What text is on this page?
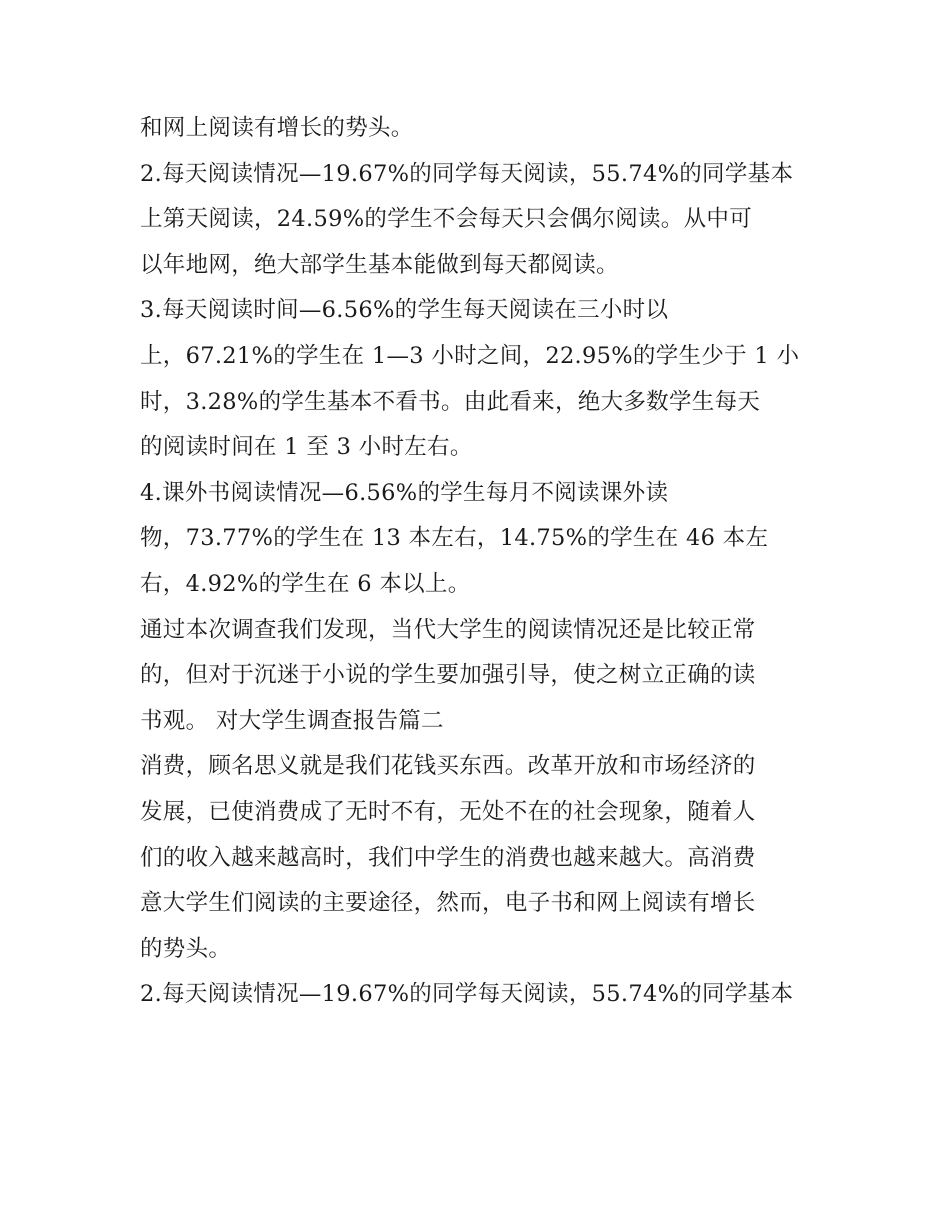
和网上阅读有增长的势头。
2.每天阅读情况—19.67%的同学每天阅读，55.74%的同学基本
上第天阅读，24.59%的学生不会每天只会偶尔阅读。从中可
以年地网，绝大部学生基本能做到每天都阅读。
3.每天阅读时间—6.56%的学生每天阅读在三小时以
上，67.21%的学生在 1—3 小时之间，22.95%的学生少于 1 小
时，3.28%的学生基本不看书。由此看来，绝大多数学生每天
的阅读时间在 1 至 3 小时左右。
4.课外书阅读情况—6.56%的学生每月不阅读课外读
物，73.77%的学生在 13 本左右，14.75%的学生在 46 本左
右，4.92%的学生在 6 本以上。
通过本次调查我们发现，当代大学生的阅读情况还是比较正常
的，但对于沉迷于小说的学生要加强引导，使之树立正确的读
书观。 对大学生调查报告篇二
消费，顾名思义就是我们花钱买东西。改革开放和市场经济的
发展，已使消费成了无时不有，无处不在的社会现象，随着人
们的收入越来越高时，我们中学生的消费也越来越大。高消费
意大学生们阅读的主要途径，然而，电子书和网上阅读有增长
的势头。
2.每天阅读情况—19.67%的同学每天阅读，55.74%的同学基本
